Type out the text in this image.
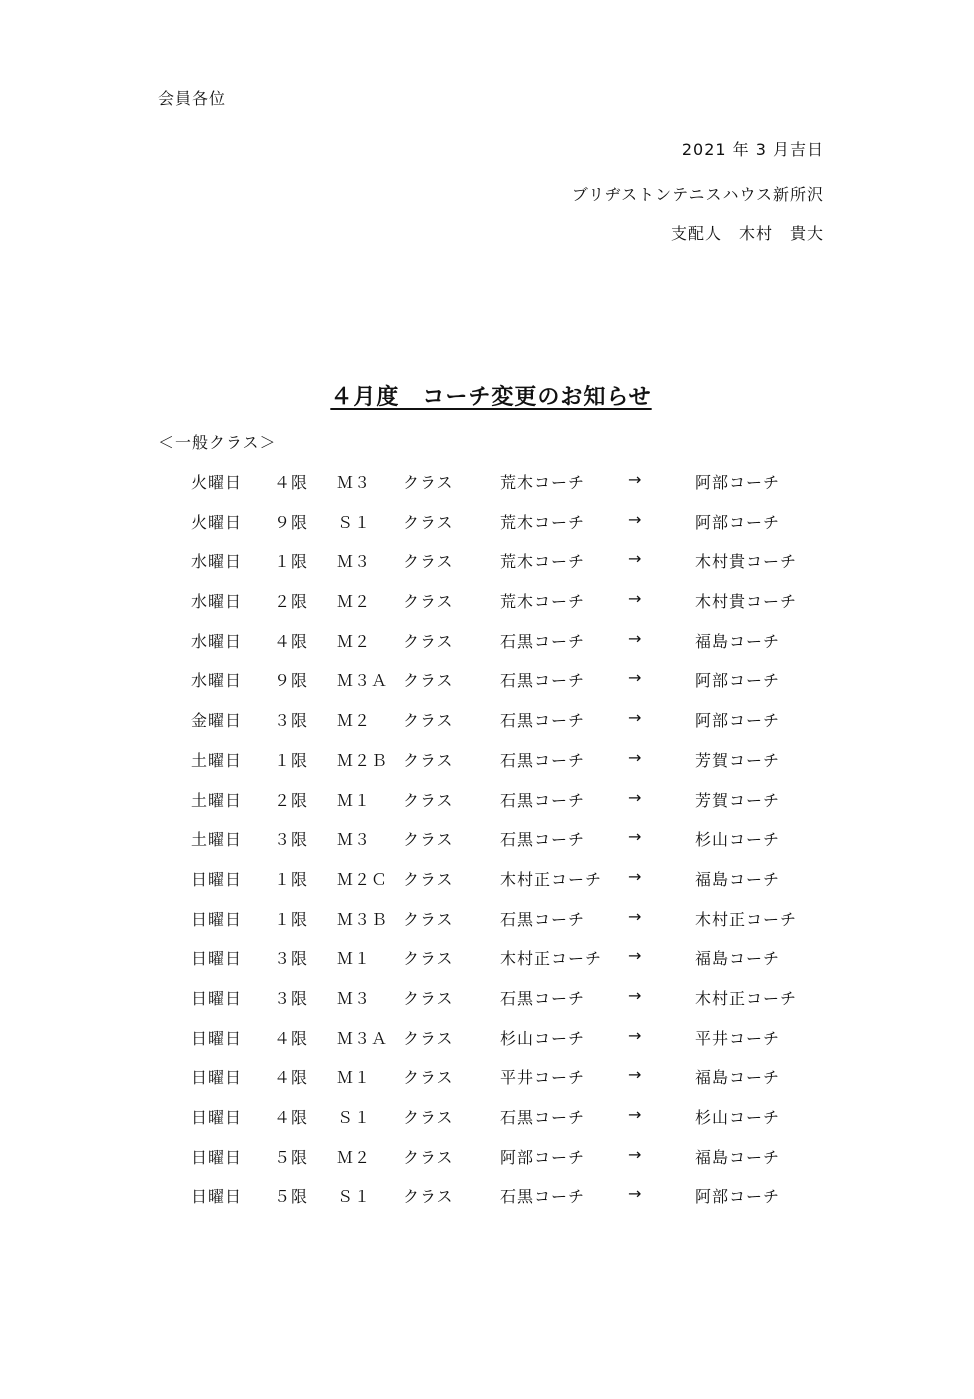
会員各位
2021 年 3 月吉日
ブリヂストンテニスハウス新所沢
支配人　木村　貴大
４月度　コーチ変更のお知らせ
＜一般クラス＞
火曜日 ４限 Ｍ３ クラス	荒木コーチ	→	阿部コーチ
火曜日 ９限 Ｓ１ クラス	荒木コーチ	→	阿部コーチ
水曜日 １限 Ｍ３ クラス	荒木コーチ	→	木村貴コーチ
水曜日 ２限 Ｍ２ クラス	荒木コーチ	→	木村貴コーチ
水曜日 ４限 Ｍ２ クラス	石黒コーチ	→	福島コーチ
水曜日 ９限 Ｍ３Ａ クラス	石黒コーチ	→	阿部コーチ
金曜日 ３限 Ｍ２ クラス	石黒コーチ	→	阿部コーチ
土曜日 １限 Ｍ２Ｂ クラス	石黒コーチ	→	芳賀コーチ
土曜日 ２限 Ｍ１ クラス	石黒コーチ	→	芳賀コーチ
土曜日 ３限 Ｍ３ クラス	石黒コーチ	→	杉山コーチ
日曜日 １限 Ｍ２Ｃ クラス	木村正コーチ →	福島コーチ
日曜日 １限 Ｍ３Ｂ クラス	石黒コーチ	→	木村正コーチ
日曜日 ３限 Ｍ１ クラス	木村正コーチ →	福島コーチ
日曜日 ３限 Ｍ３ クラス	石黒コーチ	→	木村正コーチ
日曜日 ４限 Ｍ３Ａ クラス	杉山コーチ	→	平井コーチ
日曜日 ４限 Ｍ１ クラス	平井コーチ	→	福島コーチ
日曜日 ４限 Ｓ１ クラス	石黒コーチ	→	杉山コーチ
日曜日 ５限 Ｍ２ クラス	阿部コーチ	→	福島コーチ
日曜日 ５限 Ｓ１ クラス	石黒コーチ	→	阿部コーチ
